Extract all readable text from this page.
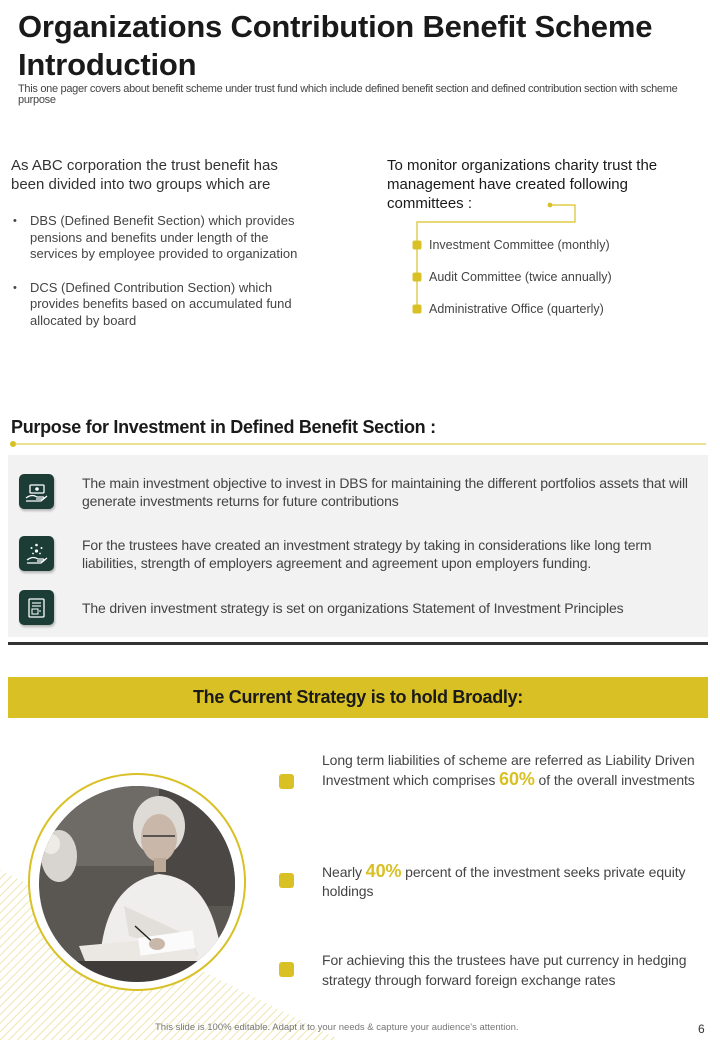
Organizations Contribution Benefit Scheme Introduction
This one pager covers about benefit scheme under trust fund which include defined benefit section and defined contribution section with scheme purpose
As ABC corporation the trust benefit has been divided into two groups which are
• DBS (Defined Benefit Section) which provides pensions and benefits under length of the services by employee provided to organization
• DCS (Defined Contribution Section) which provides benefits based on accumulated fund allocated by board
To monitor organizations charity trust the management have created following committees :
Investment Committee (monthly)
Audit Committee (twice annually)
Administrative Office (quarterly)
Purpose for Investment in Defined Benefit Section :
The main investment objective to invest in DBS for maintaining the different portfolios assets that will generate investments returns for future contributions
For the trustees have created an investment strategy by taking in considerations like long term liabilities, strength of employers agreement and agreement upon employers funding.
The driven investment strategy is set on organizations Statement of Investment Principles
The Current Strategy is to hold Broadly:
Long term liabilities of scheme are referred as Liability Driven Investment which comprises 60% of the overall investments
Nearly 40% percent of the investment seeks private equity holdings
For achieving this the trustees have put currency in hedging strategy through forward foreign exchange rates
This slide is 100% editable. Adapt it to your needs & capture your audience's attention.	6
